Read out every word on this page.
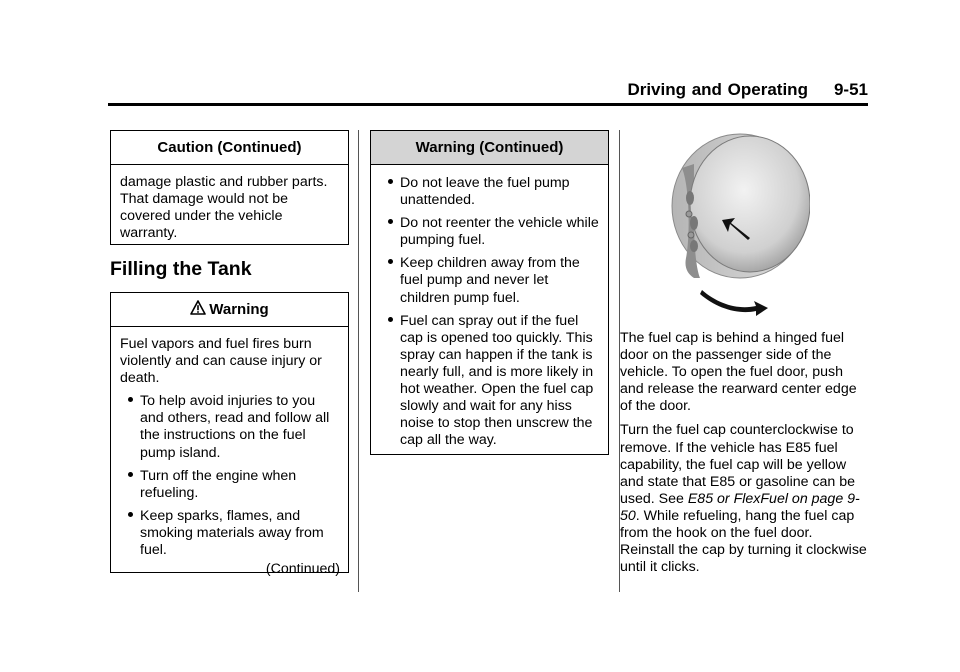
Driving and Operating 9-51
Caution (Continued)

damage plastic and rubber parts. That damage would not be covered under the vehicle warranty.

Filling the Tank
Warning

Fuel vapors and fuel fires burn violently and can cause injury or death.

To help avoid injuries to you and others, read and follow all the instructions on the fuel pump island.
Turn off the engine when refueling.
Keep sparks, flames, and smoking materials away from fuel.
(Continued)
Warning (Continued)
Do not leave the fuel pump unattended.
Do not reenter the vehicle while pumping fuel.
Keep children away from the fuel pump and never let children pump fuel.
Fuel can spray out if the fuel cap is opened too quickly. This spray can happen if the tank is nearly full, and is more likely in hot weather. Open the fuel cap slowly and wait for any hiss noise to stop then unscrew the cap all the way.

The fuel cap is behind a hinged fuel door on the passenger side of the vehicle. To open the fuel door, push and release the rearward center edge of the door.

Turn the fuel cap counterclockwise to remove. If the vehicle has E85 fuel capability, the fuel cap will be yellow and state that E85 or gasoline can be used. See E85 or FlexFuel on page 9-50. While refueling, hang the fuel cap from the hook on the fuel door. Reinstall the cap by turning it clockwise until it clicks.
